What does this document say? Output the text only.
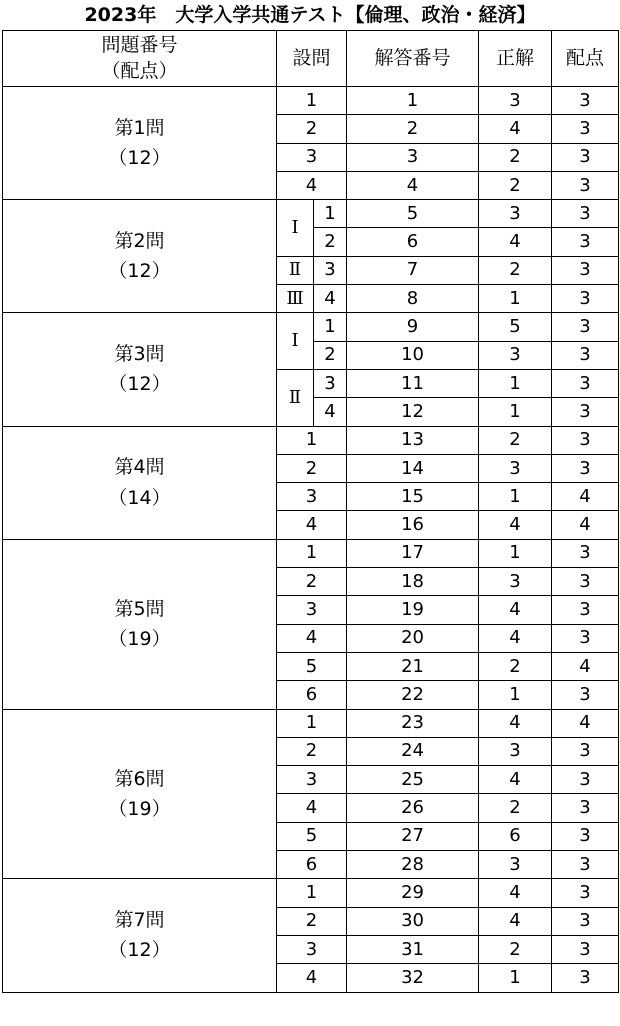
2023年　大学入学共通テスト【倫理、政治・経済】
問題番号
（配点）	設問		解答番号	正解	配点

第1問
（12）	1		1	3	3
	2		2	4	3
	3		3	2	3
	4		4	2	3

第2問
（12）	Ⅰ	1	5	3	3
		2	6	4	3
	Ⅱ	3	7	2	3
	Ⅲ	4	8	1	3

第3問
（12）	Ⅰ	1	9	5	3
		2	10	3	3
	Ⅱ	3	11	1	3
		4	12	1	3

第4問
（14）	1		13	2	3
	2		14	3	3
	3		15	1	4
	4		16	4	4

第5問
（19）	1		17	1	3
	2		18	3	3
	3		19	4	3
	4		20	4	3
	5		21	2	4
	6		22	1	3

第6問
（19）	1		23	4	4
	2		24	3	3
	3		25	4	3
	4		26	2	3
	5		27	6	3
	6		28	3	3

第7問
（12）	1		29	4	3
	2		30	4	3
	3		31	2	3
	4		32	1	3
